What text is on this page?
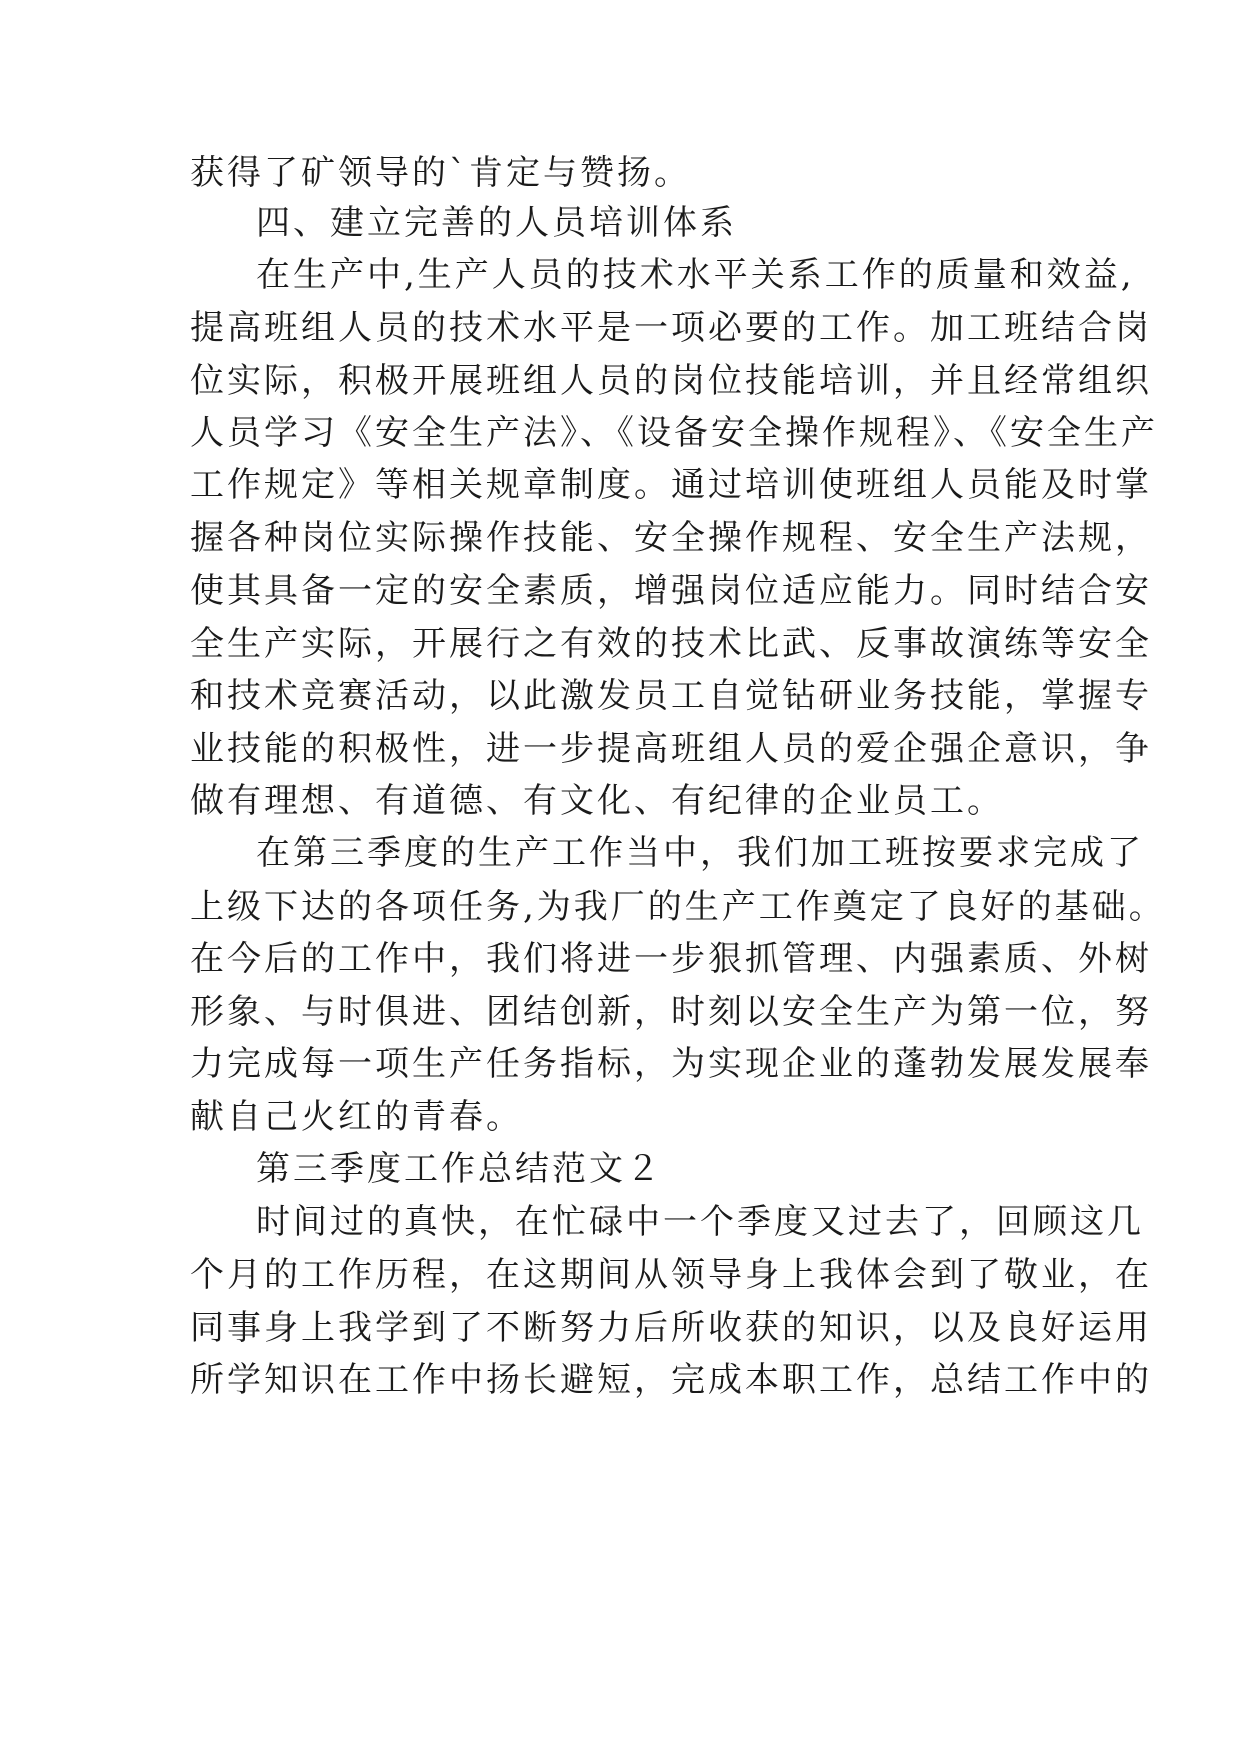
获得了矿领导的`肯定与赞扬。
四、建立完善的人员培训体系
在生产中,生产人员的技术水平关系工作的质量和效益,
提高班组人员的技术水平是一项必要的工作。加工班结合岗
位实际，积极开展班组人员的岗位技能培训，并且经常组织
人员学习《安全生产法》、《设备安全操作规程》、《安全生产
工作规定》等相关规章制度。通过培训使班组人员能及时掌
握各种岗位实际操作技能、安全操作规程、安全生产法规，
使其具备一定的安全素质，增强岗位适应能力。同时结合安
全生产实际，开展行之有效的技术比武、反事故演练等安全
和技术竞赛活动，以此激发员工自觉钻研业务技能，掌握专
业技能的积极性，进一步提高班组人员的爱企强企意识，争
做有理想、有道德、有文化、有纪律的企业员工。
在第三季度的生产工作当中，我们加工班按要求完成了
上级下达的各项任务,为我厂的生产工作奠定了良好的基础。
在今后的工作中，我们将进一步狠抓管理、内强素质、外树
形象、与时俱进、团结创新，时刻以安全生产为第一位，努
力完成每一项生产任务指标，为实现企业的蓬勃发展发展奉
献自己火红的青春。
第三季度工作总结范文２
时间过的真快，在忙碌中一个季度又过去了，回顾这几
个月的工作历程，在这期间从领导身上我体会到了敬业，在
同事身上我学到了不断努力后所收获的知识，以及良好运用
所学知识在工作中扬长避短，完成本职工作，总结工作中的
